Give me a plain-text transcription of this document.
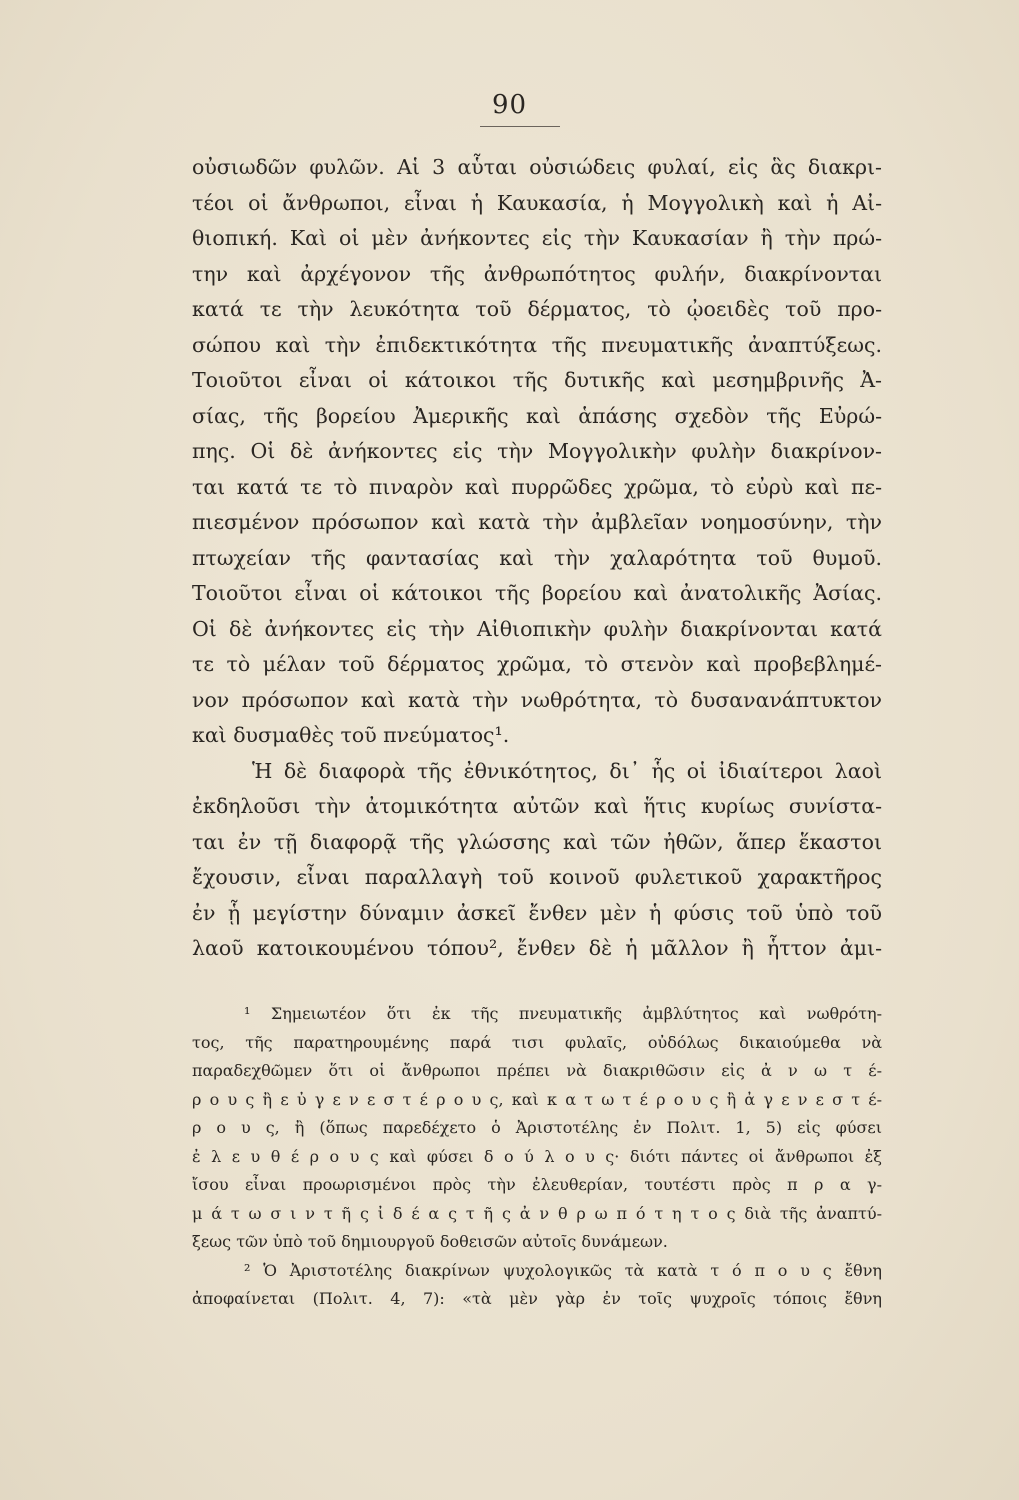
90
οὐσιωδῶν φυλῶν. Αἱ 3 αὗται οὐσιώδεις φυλαί, εἰς ἃς διακρι-
τέοι οἱ ἄνθρωποι, εἶναι ἡ Καυκασία, ἡ Μογγολικὴ καὶ ἡ Αἰ-
θιοπική. Καὶ οἱ μὲν ἀνήκοντες εἰς τὴν Καυκασίαν ἢ τὴν πρώ-
την καὶ ἀρχέγονον τῆς ἀνθρωπότητος φυλήν, διακρίνονται
κατά τε τὴν λευκότητα τοῦ δέρματος, τὸ ᾠοειδὲς τοῦ προ-
σώπου καὶ τὴν ἐπιδεκτικότητα τῆς πνευματικῆς ἀναπτύξεως.
Τοιοῦτοι εἶναι οἱ κάτοικοι τῆς δυτικῆς καὶ μεσημβρινῆς Ἀ-
σίας, τῆς βορείου Ἀμερικῆς καὶ ἁπάσης σχεδὸν τῆς Εὐρώ-
πης. Οἱ δὲ ἀνήκοντες εἰς τὴν Μογγολικὴν φυλὴν διακρίνον-
ται κατά τε τὸ πιναρὸν καὶ πυρρῶδες χρῶμα, τὸ εὐρὺ καὶ πε-
πιεσμένον πρόσωπον καὶ κατὰ τὴν ἀμβλεῖαν νοημοσύνην, τὴν
πτωχείαν τῆς φαντασίας καὶ τὴν χαλαρότητα τοῦ θυμοῦ.
Τοιοῦτοι εἶναι οἱ κάτοικοι τῆς βορείου καὶ ἀνατολικῆς Ἀσίας.
Οἱ δὲ ἀνήκοντες εἰς τὴν Αἰθιοπικὴν φυλὴν διακρίνονται κατά
τε τὸ μέλαν τοῦ δέρματος χρῶμα, τὸ στενὸν καὶ προβεβλημέ-
νον πρόσωπον καὶ κατὰ τὴν νωθρότητα, τὸ δυσανανάπτυκτον
καὶ δυσμαθὲς τοῦ πνεύματος¹.
Ἡ δὲ διαφορὰ τῆς ἐθνικότητος, δι᾽ ἧς οἱ ἰδιαίτεροι λαοὶ
ἐκδηλοῦσι τὴν ἀτομικότητα αὐτῶν καὶ ἥτις κυρίως συνίστα-
ται ἐν τῇ διαφορᾷ τῆς γλώσσης καὶ τῶν ἠθῶν, ἅπερ ἕκαστοι
ἔχουσιν, εἶναι παραλλαγὴ τοῦ κοινοῦ φυλετικοῦ χαρακτῆρος
ἐν ᾗ μεγίστην δύναμιν ἀσκεῖ ἔνθεν μὲν ἡ φύσις τοῦ ὑπὸ τοῦ
λαοῦ κατοικουμένου τόπου², ἔνθεν δὲ ἡ μᾶλλον ἢ ἧττον ἀμι-
¹ Σημειωτέον ὅτι ἐκ τῆς πνευματικῆς ἀμβλύτητος καὶ νωθρότη-
τος, τῆς παρατηρουμένης παρά τισι φυλαῖς, οὐδόλως δικαιούμεθα νὰ
παραδεχθῶμεν ὅτι οἱ ἄνθρωποι πρέπει νὰ διακριθῶσιν εἰς ἀ ν ω τ έ-
ρ ο υ ς ἢ ε ὐ γ ε ν ε σ τ έ ρ ο υ ς, καὶ κ α τ ω τ έ ρ ο υ ς ἢ ἀ γ ε ν ε σ τ έ-
ρ ο υ ς, ἢ (ὅπως παρεδέχετο ὁ Ἀριστοτέλης ἐν Πολιτ. 1, 5) εἰς φύσει
ἐ λ ε υ θ έ ρ ο υ ς καὶ φύσει δ ο ύ λ ο υ ς· διότι πάντες οἱ ἄνθρωποι ἐξ
ἴσου εἶναι προωρισμένοι πρὸς τὴν ἐλευθερίαν, τουτέστι πρὸς π ρ α γ-
μ ά τ ω σ ι ν τ ῆ ς ἰ δ έ α ς τ ῆ ς ἀ ν θ ρ ω π ό τ η τ ο ς διὰ τῆς ἀναπτύ-
ξεως τῶν ὑπὸ τοῦ δημιουργοῦ δοθεισῶν αὐτοῖς δυνάμεων.
² Ὁ Ἀριστοτέλης διακρίνων ψυχολογικῶς τὰ κατὰ τ ό π ο υ ς ἔθνη
ἀποφαίνεται (Πολιτ. 4, 7): «τὰ μὲν γὰρ ἐν τοῖς ψυχροῖς τόποις ἔθνη
